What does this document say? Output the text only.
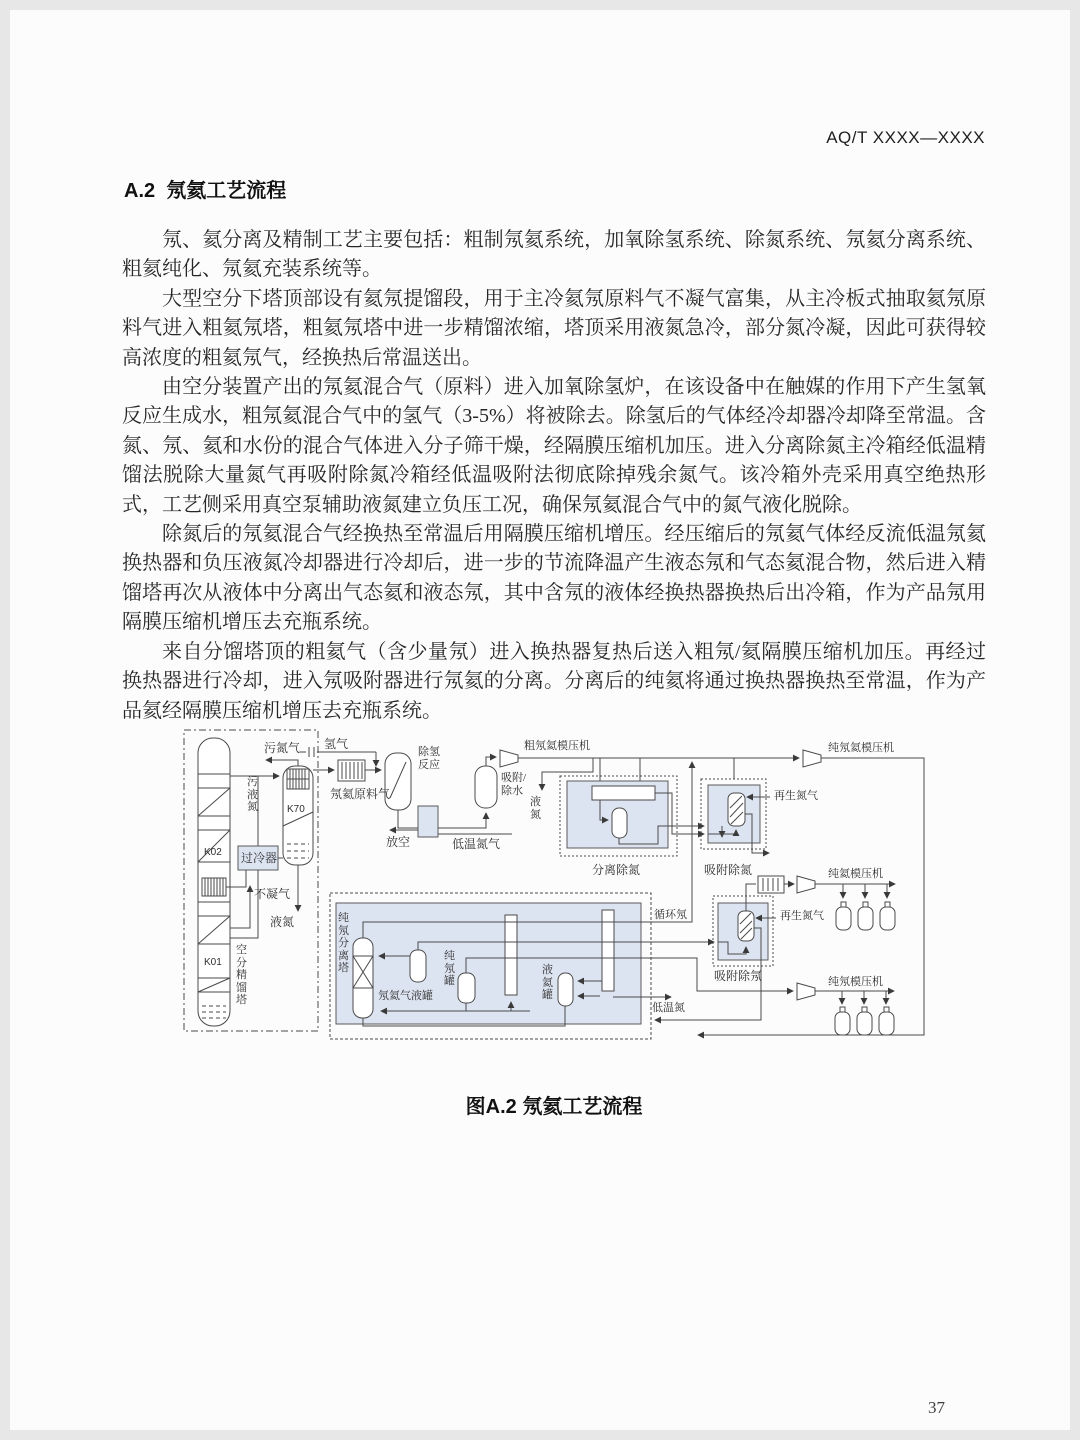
AQ/T XXXX—XXXX
A.2  氖氦工艺流程

氖、氦分离及精制工艺主要包括：粗制氖氦系统，加氧除氢系统、除氮系统、氖氦分离系统、粗氦纯化、氖氦充装系统等。

大型空分下塔顶部设有氦氖提馏段，用于主冷氦氖原料气不凝气富集，从主冷板式抽取氦氖原料气进入粗氦氖塔，粗氦氖塔中进一步精馏浓缩，塔顶采用液氮急冷，部分氮冷凝，因此可获得较高浓度的粗氦氖气，经换热后常温送出。

由空分装置产出的氖氦混合气（原料）进入加氧除氢炉，在该设备中在触媒的作用下产生氢氧反应生成水，粗氖氦混合气中的氢气（3-5%）将被除去。除氢后的气体经冷却器冷却降至常温。含氮、氖、氦和水份的混合气体进入分子筛干燥，经隔膜压缩机加压。进入分离除氮主冷箱经低温精馏法脱除大量氮气再吸附除氮冷箱经低温吸附法彻底除掉残余氮气。该冷箱外壳采用真空绝热形式，工艺侧采用真空泵辅助液氮建立负压工况，确保氖氦混合气中的氮气液化脱除。

除氮后的氖氦混合气经换热至常温后用隔膜压缩机增压。经压缩后的氖氦气体经反流低温氖氦换热器和负压液氮冷却器进行冷却后，进一步的节流降温产生液态氖和气态氦混合物，然后进入精馏塔再次从液体中分离出气态氦和液态氖，其中含氖的液体经换热器换热后出冷箱，作为产品氖用隔膜压缩机增压去充瓶系统。

来自分馏塔顶的粗氦气（含少量氖）进入换热器复热后送入粗氖/氦隔膜压缩机加压。再经过换热器进行冷却，进入氖吸附器进行氖氦的分离。分离后的纯氦将通过换热器换热至常温，作为产品氦经隔膜压缩机增压去充瓶系统。

污氮气
污液氮	K70
K02
K01
过冷器
不凝气
液氮
空分精馏塔
氢气
氖氦原料气
除氢反应
放空	低温氮气
吸附/除水
粗氖氦模压机
液氮
分离除氮	吸附除氮
再生氮气
纯氖氦模压机
纯氦模压机
再生氮气
吸附除氖	纯氖模压机
循环氖
低温氮
纯氖分离塔
氖氦气液罐
纯氖罐
液氦罐
图A.2 氖氦工艺流程
37
